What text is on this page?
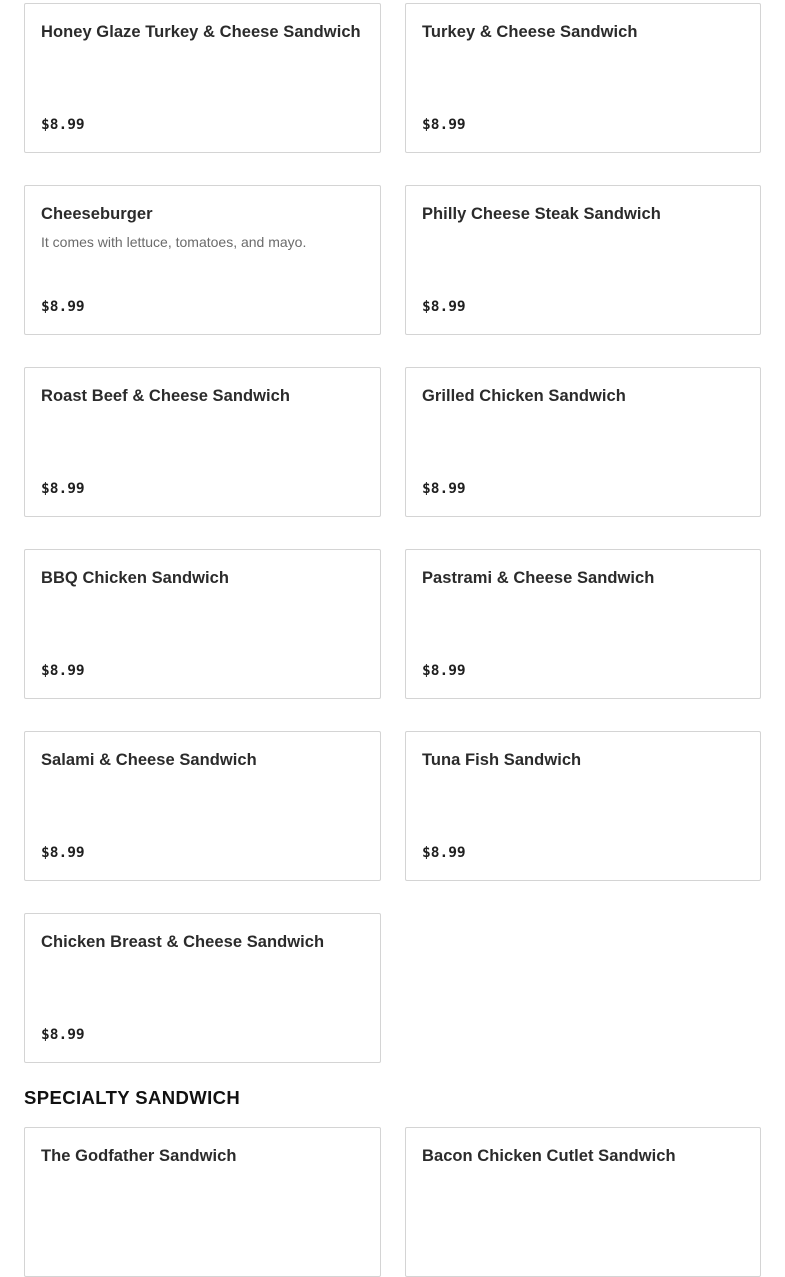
Honey Glaze Turkey & Cheese Sandwich
$8.99
Turkey & Cheese Sandwich
$8.99
Cheeseburger
It comes with lettuce, tomatoes, and mayo.
$8.99
Philly Cheese Steak Sandwich
$8.99
Roast Beef & Cheese Sandwich
$8.99
Grilled Chicken Sandwich
$8.99
BBQ Chicken Sandwich
$8.99
Pastrami & Cheese Sandwich
$8.99
Salami & Cheese Sandwich
$8.99
Tuna Fish Sandwich
$8.99
Chicken Breast & Cheese Sandwich
$8.99
SPECIALTY SANDWICH
The Godfather Sandwich	Bacon Chicken Cutlet Sandwich
